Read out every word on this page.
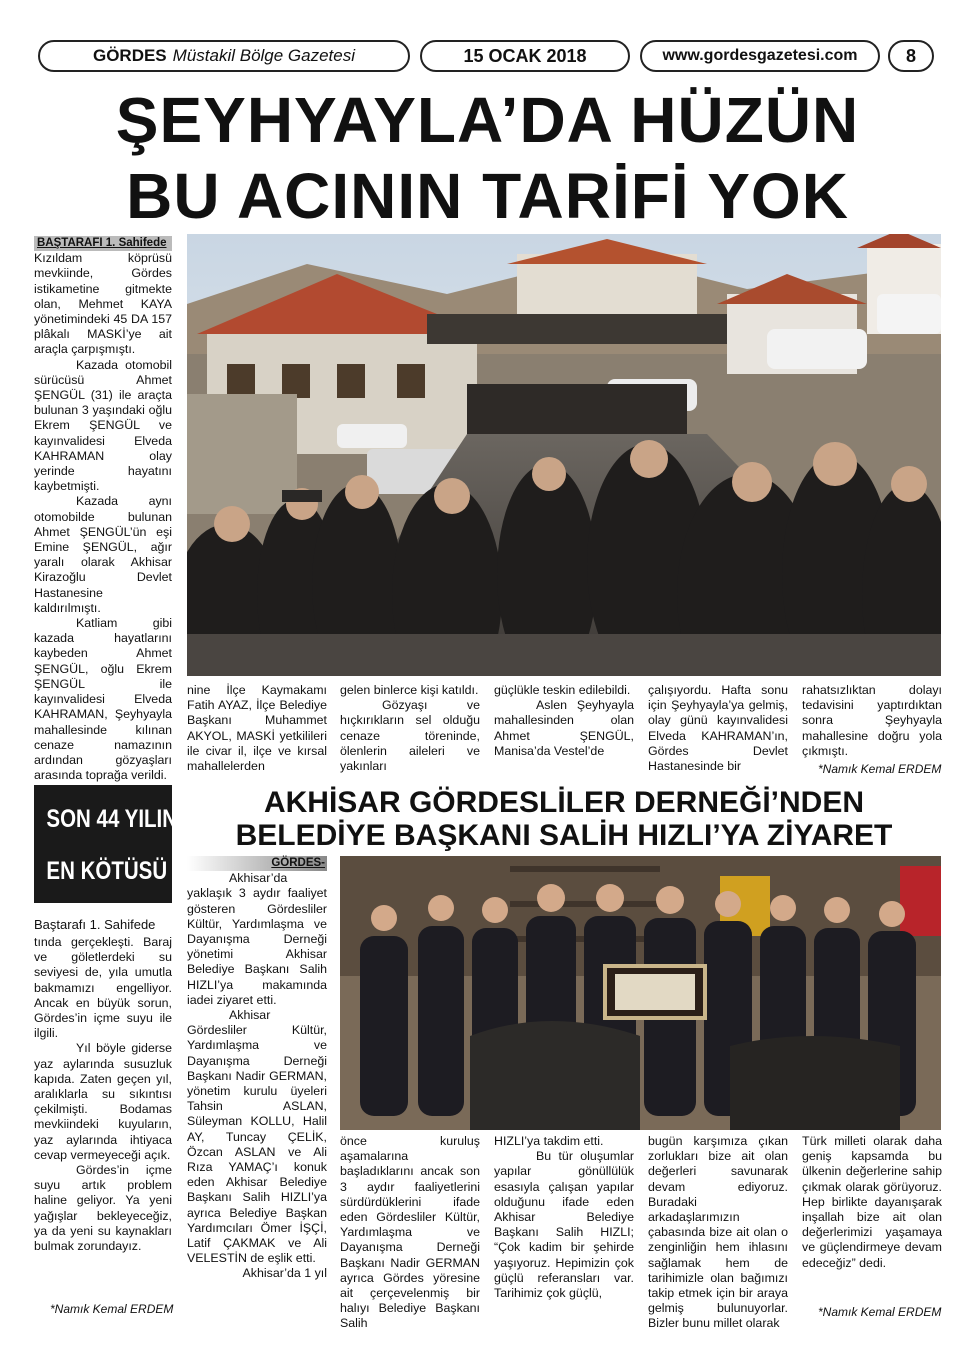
GÖRDES Müstakil Bölge Gazetesi	15 OCAK 2018	www.gordesgazetesi.com	8
ŞEYHYAYLA’DA HÜZÜN
BU ACININ TARİFİ YOK
BAŞTARAFI 1. Sahifede

Kızıldam köprüsü mevkiinde, Gördes istikametine gitmekte olan, Mehmet KAYA yönetimindeki 45 DA 157 plâkalı MASKİ’ye ait araçla çarpışmıştı.

Kazada otomobil sürücüsü Ahmet ŞENGÜL (31) ile araçta bulunan 3 yaşındaki oğlu Ekrem ŞENGÜL ve kayınvalidesi Elveda KAHRAMAN olay yerinde hayatını kaybetmişti.

Kazada aynı otomobilde bulunan Ahmet ŞENGÜL’ün eşi Emine ŞENGÜL, ağır yaralı olarak Akhisar Kirazoğlu Devlet Hastanesine kaldırılmıştı.

Katliam gibi kazada hayatlarını kaybeden Ahmet ŞENGÜL, oğlu Ekrem ŞENGÜL ile kayınvalidesi Elveda KAHRAMAN, Şeyhyayla mahallesinde kılınan cenaze namazının ardından gözyaşları arasında toprağa verildi.

nine İlçe Kaymakamı Fatih AYAZ, İlçe Belediye Başkanı Muhammet AKYOL, MASKİ yetkilileri ile civar il, ilçe ve kırsal mahallelerden

gelen binlerce kişi katıldı.

Gözyaşı ve hıçkırıkların sel olduğu cenaze töreninde, ölenlerin aileleri ve yakınları

güçlükle teskin edilebildi.

Aslen Şeyhyayla mahallesinden olan Ahmet ŞENGÜL, Manisa’da Vestel’de

çalışıyordu. Hafta sonu için Şeyhyayla’ya gelmiş, olay günü kayınvalidesi Elveda KAHRAMAN’ın, Gördes Devlet Hastanesinde bir

rahatsızlıktan dolayı tedavisini yaptırdıktan sonra Şeyhyayla mahallesine doğru yola çıkmıştı.

*Namık Kemal ERDEM
SON 44 YILIN
EN KÖTÜSÜ

Baştarafı 1. Sahifede

tında gerçekleşti. Baraj ve göletlerdeki su seviyesi de, yıla umutla bakmamızı engelliyor. Ancak en büyük sorun, Gördes’in içme suyu ile ilgili.

Yıl böyle giderse yaz aylarında susuzluk kapıda. Zaten geçen yıl, aralıklarla su sıkıntısı çekilmişti. Bodamas mevkiindeki kuyuların, yaz aylarında ihtiyaca cevap vermeyeceği açık.

Gördes’in içme suyu artık problem haline geliyor. Ya yeni yağışlar bekleyeceğiz, ya da yeni su kaynakları bulmak zorundayız.

*Namık Kemal ERDEM
AKHİSAR GÖRDESLİLER DERNEĞİ’NDEN
BELEDİYE BAŞKANI SALİH HIZLI’YA ZİYARET
GÖRDES-

Akhisar’da yaklaşık 3 aydır faaliyet gösteren Gördesliler Kültür, Yardımlaşma ve Dayanışma Derneği yönetimi Akhisar Belediye Başkanı Salih HIZLI’ya makamında iadei ziyaret etti.

Akhisar Gördesliler Kültür, Yardımlaşma ve Dayanışma Derneği Başkanı Nadir GERMAN, yönetim kurulu üyeleri Tahsin ASLAN, Süleyman KOLLU, Halil AY, Tuncay ÇELİK, Özcan ASLAN ve Ali Rıza YAMAÇ’ı konuk eden Akhisar Belediye Başkanı Salih HIZLI’ya ayrıca Belediye Başkan Yardımcıları Ömer İŞÇİ, Latif ÇAKMAK ve Ali VELESTİN de eşlik etti.

Akhisar’da 1 yıl

önce kuruluş aşamalarına başladıklarını ancak son 3 aydır faaliyetlerini sürdürdüklerini ifade eden Gördesliler Kültür, Yardımlaşma ve Dayanışma Derneği Başkanı Nadir GERMAN ayrıca Gördes yöresine ait çerçevelenmiş bir halıyı Belediye Başkanı Salih

HIZLI’ya takdim etti.

Bu tür oluşumlar yapılar gönüllülük esasıyla çalışan yapılar olduğunu ifade eden Akhisar Belediye Başkanı Salih HIZLI; “Çok kadim bir şehirde yaşıyoruz. Hepimizin çok güçlü referansları var. Tarihimiz çok güçlü,

bugün karşımıza çıkan zorlukları bize ait olan değerleri savunarak devam ediyoruz. Buradaki arkadaşlarımızın çabasında bize ait olan o zenginliğin hem ihlasını sağlamak hem de tarihimizle olan bağımızı takip etmek için bir araya gelmiş bulunuyorlar. Bizler bunu millet olarak

Türk milleti olarak daha geniş kapsamda bu ülkenin değerlerine sahip çıkmak olarak görüyoruz. Hep birlikte dayanışarak inşallah bize ait olan değerlerimizi yaşamaya ve güçlendirmeye devam edeceğiz” dedi.

*Namık Kemal ERDEM
